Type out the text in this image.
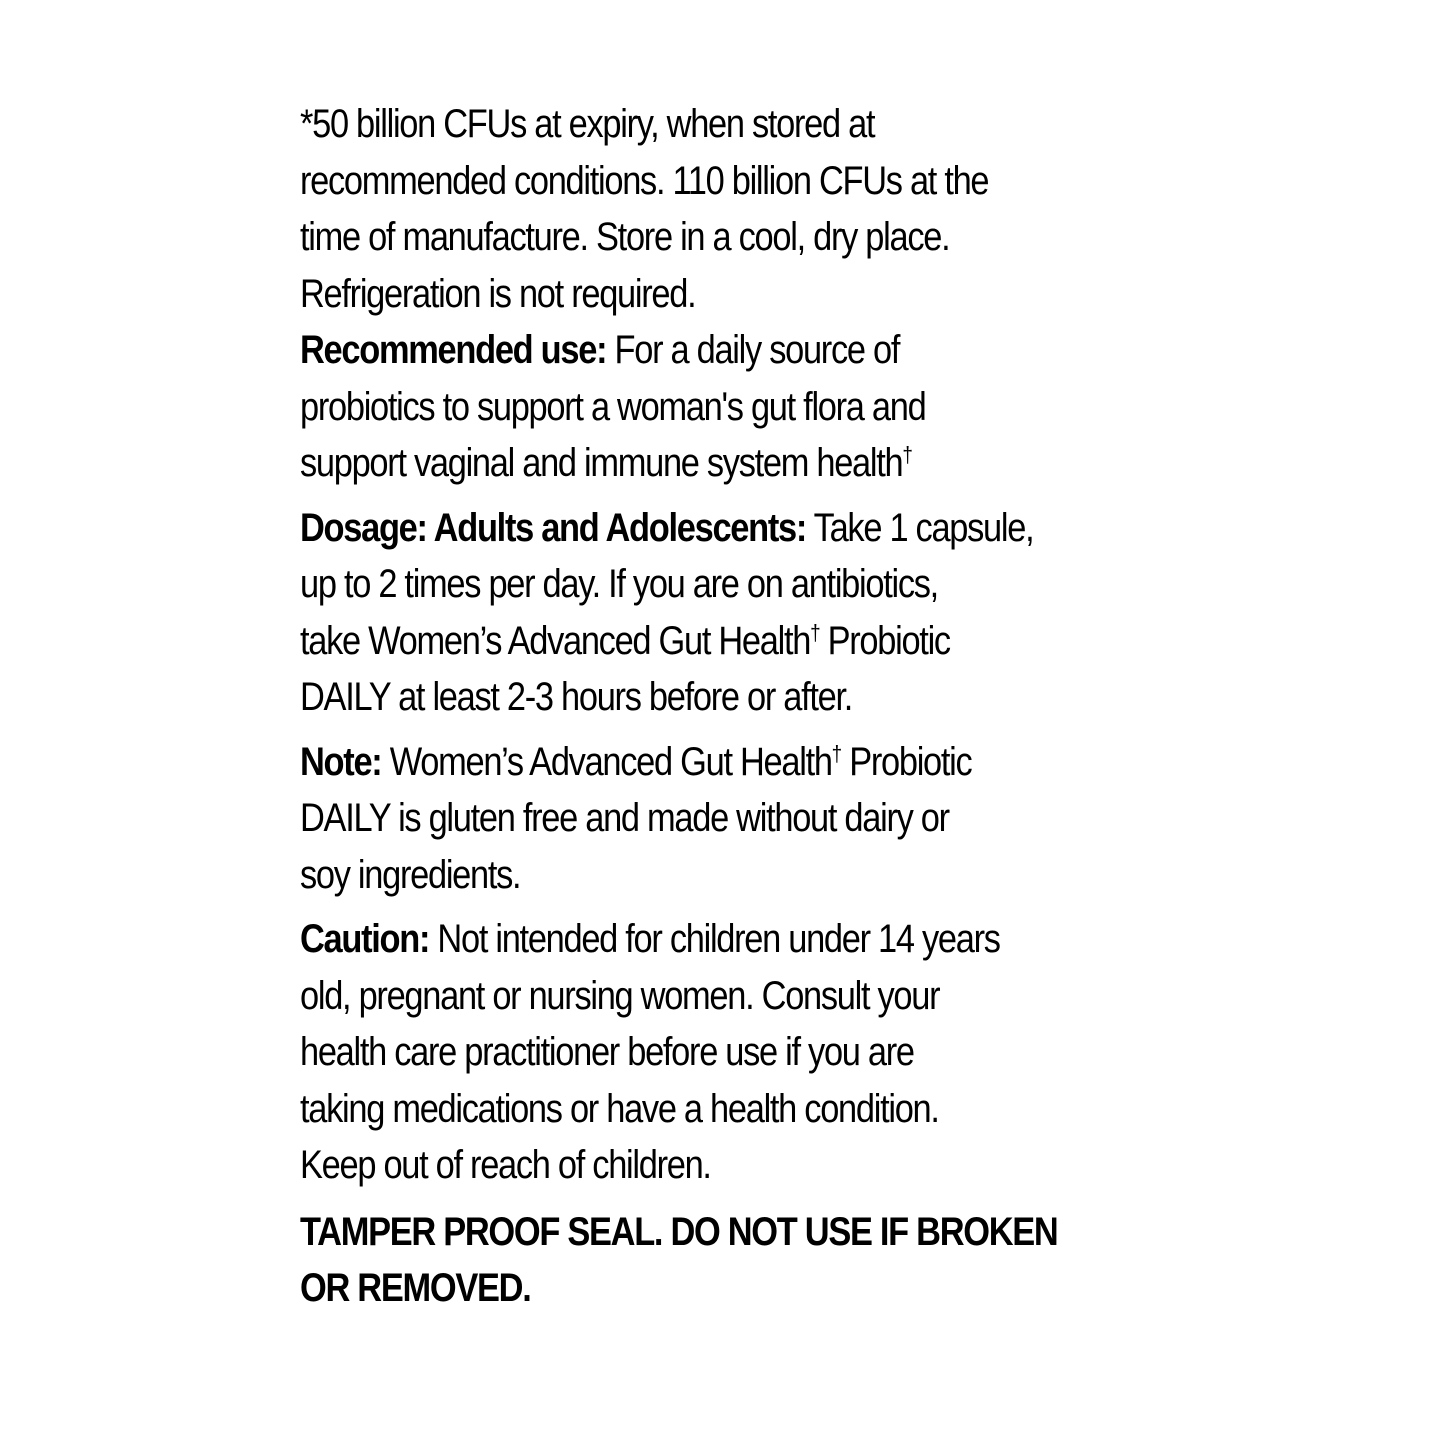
*50 billion CFUs at expiry, when stored at
recommended conditions. 110 billion CFUs at the
time of manufacture. Store in a cool, dry place.
Refrigeration is not required.
Recommended use: For a daily source of
probiotics to support a woman's gut flora and
support vaginal and immune system health†
Dosage: Adults and Adolescents: Take 1 capsule,
up to 2 times per day. If you are on antibiotics,
take Women’s Advanced Gut Health† Probiotic
DAILY at least 2-3 hours before or after.
Note: Women’s Advanced Gut Health† Probiotic
DAILY is gluten free and made without dairy or
soy ingredients.
Caution: Not intended for children under 14 years
old, pregnant or nursing women. Consult your
health care practitioner before use if you are
taking medications or have a health condition.
Keep out of reach of children.
TAMPER PROOF SEAL. DO NOT USE IF BROKEN
OR REMOVED.
